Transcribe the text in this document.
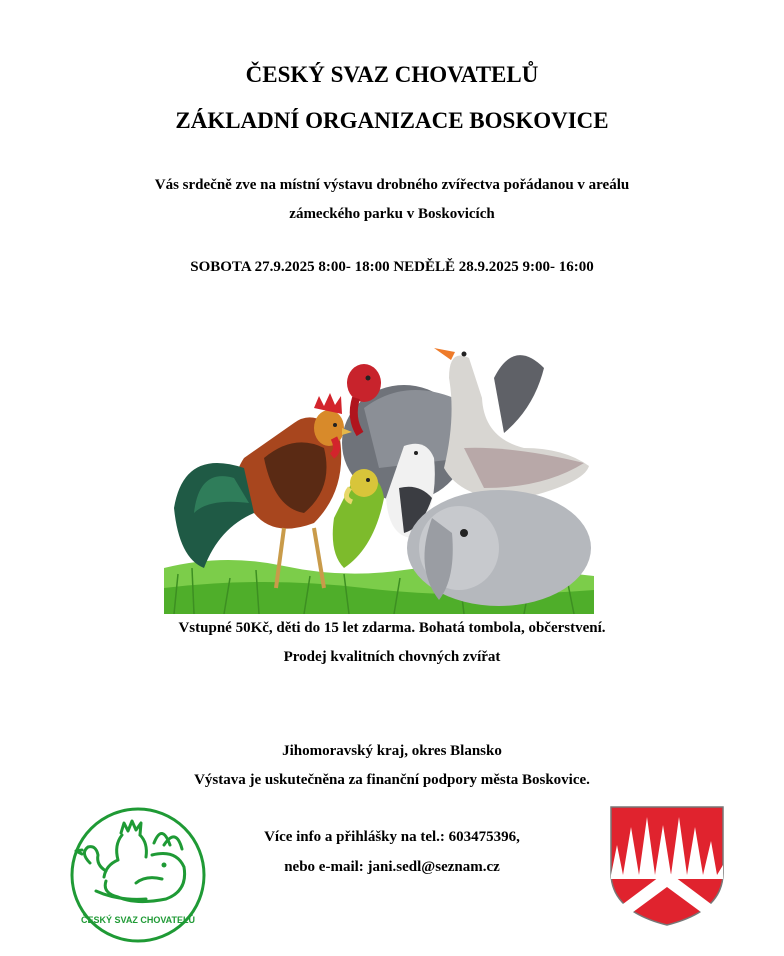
ČESKÝ SVAZ CHOVATELŮ
ZÁKLADNÍ ORGANIZACE BOSKOVICE
Vás srdečně zve na místní výstavu drobného zvířectva pořádanou v areálu
zámeckého parku v Boskovicích
SOBOTA 27.9.2025 8:00- 18:00 NEDĚLĚ 28.9.2025 9:00- 16:00
Vstupné 50Kč, děti do 15 let zdarma. Bohatá tombola, občerstvení.
Prodej kvalitních chovných zvířat
Jihomoravský kraj, okres Blansko
Výstava je uskutečněna za finanční podpory města Boskovice.
Více info a přihlášky na tel.: 603475396,
nebo e-mail: jani.sedl@seznam.cz
ČESKÝ SVAZ CHOVATELŮ
